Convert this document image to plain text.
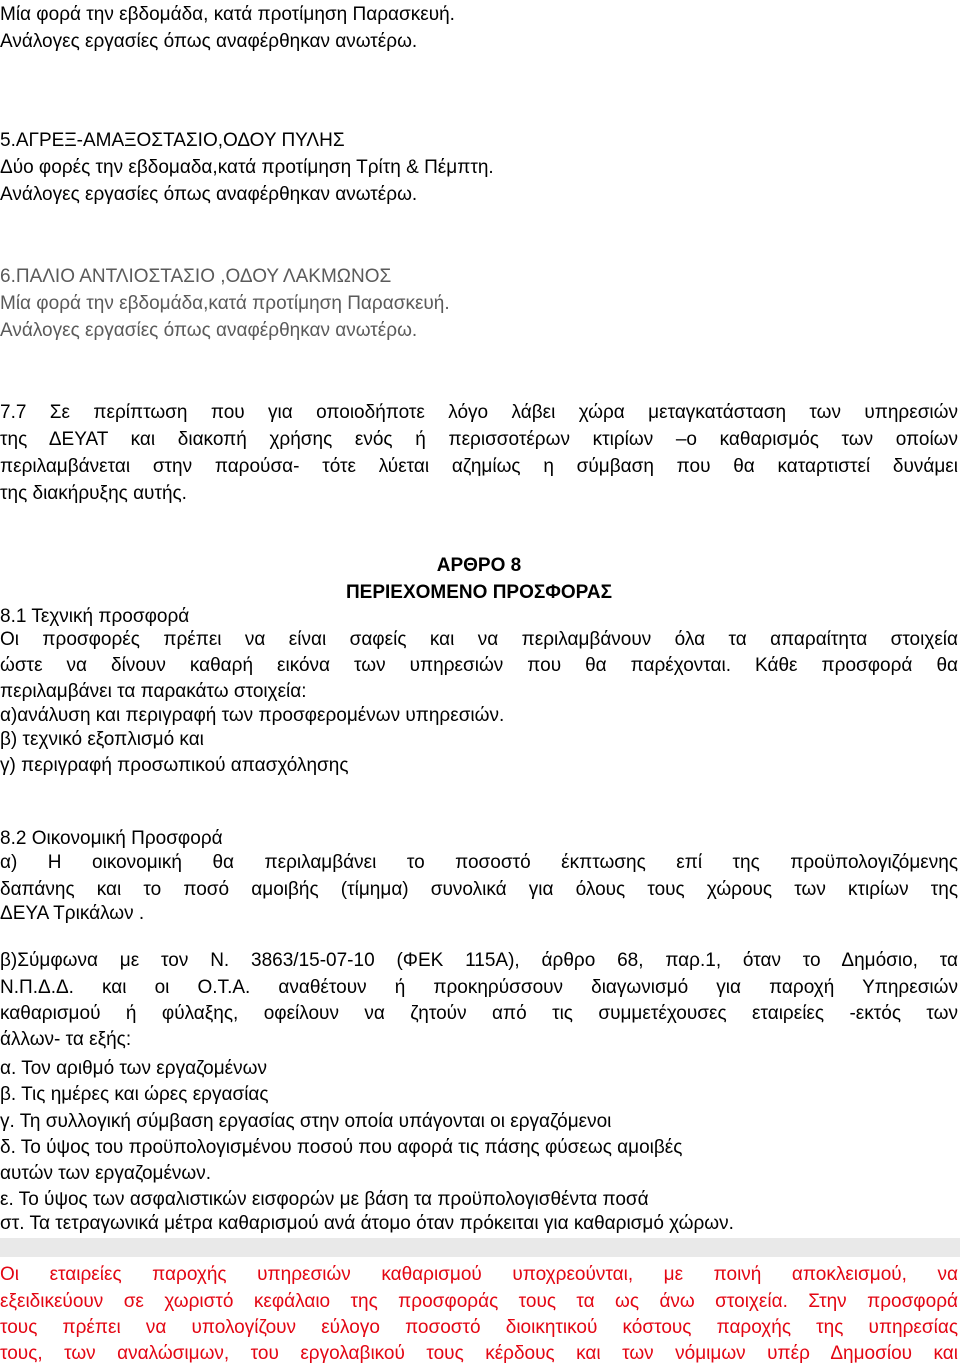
Μία φορά την εβδομάδα, κατά προτίμηση Παρασκευή.
Ανάλογες εργασίες όπως αναφέρθηκαν ανωτέρω.
5.ΑΓΡΕΞ-ΑΜΑΞΟΣΤΑΣΙΟ,ΟΔΟΥ ΠΥΛΗΣ
Δύο φορές την εβδομαδα,κατά προτίμηση Τρίτη & Πέμπτη.
Ανάλογες εργασίες όπως αναφέρθηκαν ανωτέρω.
6.ΠΑΛΙΟ ΑΝΤΛΙΟΣΤΑΣΙΟ ,ΟΔΟΥ ΛΑΚΜΩΝΟΣ
Μία φορά την εβδομάδα,κατά προτίμηση Παρασκευή.
Ανάλογες εργασίες όπως αναφέρθηκαν ανωτέρω.
7.7 Σε περίπτωση που για οποιοδήποτε λόγο λάβει χώρα μεταγκατάσταση των υπηρεσιών
της ΔΕΥΑΤ και διακοπή χρήσης ενός ή περισσοτέρων κτιρίων –ο καθαρισμός των οποίων
περιλαμβάνεται στην παρούσα- τότε λύεται αζημίως η σύμβαση που θα καταρτιστεί δυνάμει
της διακήρυξης αυτής.
ΑΡΘΡΟ 8
ΠΕΡΙΕΧΟΜΕΝΟ ΠΡΟΣΦΟΡΑΣ
8.1 Τεχνική προσφορά
Οι προσφορές πρέπει να είναι σαφείς και να περιλαμβάνουν όλα τα απαραίτητα στοιχεία
ώστε να δίνουν καθαρή εικόνα των υπηρεσιών που θα παρέχονται. Κάθε προσφορά θα
περιλαμβάνει τα παρακάτω στοιχεία:
α)ανάλυση και περιγραφή των προσφερομένων υπηρεσιών.
β) τεχνικό εξοπλισμό και
γ) περιγραφή προσωπικού απασχόλησης
8.2 Οικονομική Προσφορά
α) Η οικονομική θα περιλαμβάνει το ποσοστό έκπτωσης επί της προϋπολογιζόμενης
δαπάνης και το ποσό αμοιβής (τίμημα) συνολικά για όλους τους χώρους των κτιρίων της
ΔΕΥΑ Τρικάλων .
β)Σύμφωνα με τον Ν. 3863/15-07-10 (ΦΕΚ 115Α), άρθρο 68, παρ.1, όταν το Δημόσιο, τα
Ν.Π.Δ.Δ. και οι Ο.Τ.Α. αναθέτουν ή προκηρύσσουν διαγωνισμό για παροχή Υπηρεσιών
καθαρισμού ή φύλαξης, οφείλουν να ζητούν από τις συμμετέχουσες εταιρείες -εκτός των
άλλων- τα εξής:
α. Τον αριθμό των εργαζομένων
β. Τις ημέρες και ώρες εργασίας
γ. Τη συλλογική σύμβαση εργασίας στην οποία υπάγονται οι εργαζόμενοι
δ. Το ύψος του προϋπολογισμένου ποσού που αφορά τις πάσης φύσεως αμοιβές
αυτών των εργαζομένων.
ε. Το ύψος των ασφαλιστικών εισφορών με βάση τα προϋπολογισθέντα ποσά
στ. Τα τετραγωνικά μέτρα καθαρισμού ανά άτομο όταν πρόκειται για καθαρισμό χώρων.
Οι εταιρείες παροχής υπηρεσιών καθαρισμού υποχρεούνται, με ποινή αποκλεισμού, να
εξειδικεύουν σε χωριστό κεφάλαιο της προσφοράς τους τα ως άνω στοιχεία. Στην προσφορά
τους πρέπει να υπολογίζουν εύλογο ποσοστό διοικητικού κόστους παροχής της υπηρεσίας
τους, των αναλώσιμων, του εργολαβικού τους κέρδους και των νόμιμων υπέρ Δημοσίου και
